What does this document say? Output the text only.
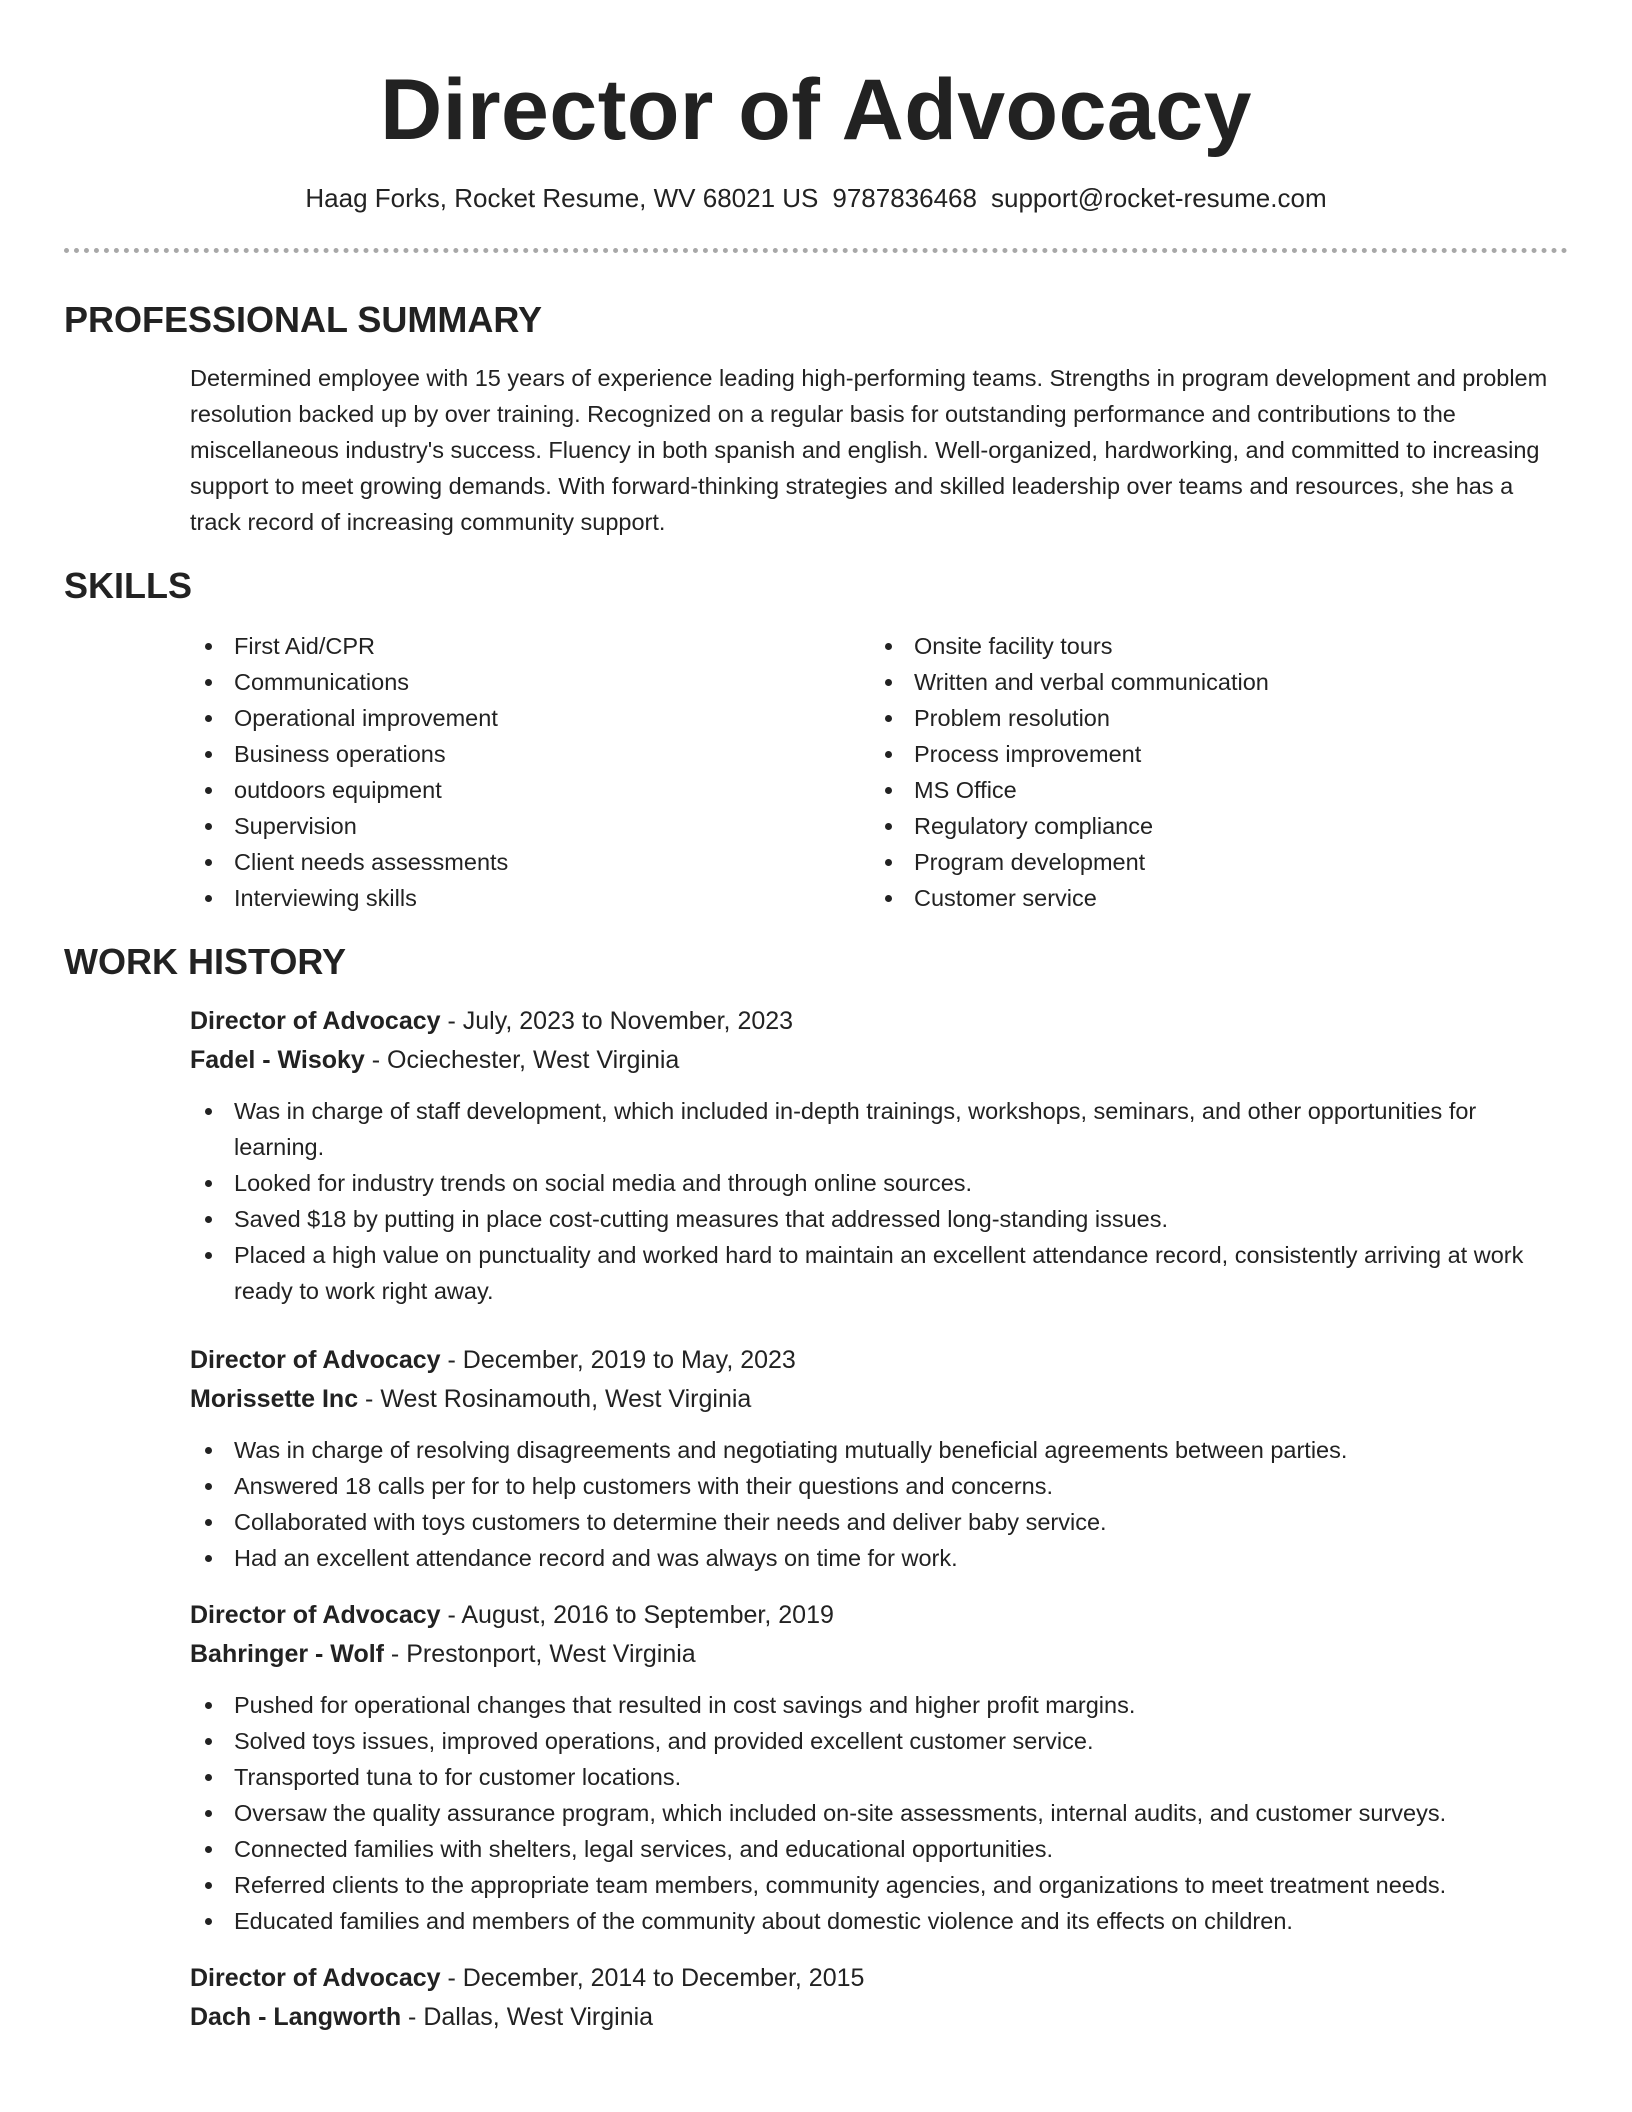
Director of Advocacy
Haag Forks, Rocket Resume, WV 68021 US 9787836468 support@rocket-resume.com
PROFESSIONAL SUMMARY

Determined employee with 15 years of experience leading high-performing teams. Strengths in program development and problem resolution backed up by over training. Recognized on a regular basis for outstanding performance and contributions to the miscellaneous industry's success. Fluency in both spanish and english. Well-organized, hardworking, and committed to increasing support to meet growing demands. With forward-thinking strategies and skilled leadership over teams and resources, she has a track record of increasing community support.

SKILLS
First Aid/CPR
Communications
Operational improvement
Business operations
outdoors equipment
Supervision
Client needs assessments
Interviewing skills
Onsite facility tours
Written and verbal communication
Problem resolution
Process improvement
MS Office
Regulatory compliance
Program development
Customer service
WORK HISTORY
Director of Advocacy - July, 2023 to November, 2023
Fadel - Wisoky - Ociechester, West Virginia
Was in charge of staff development, which included in-depth trainings, workshops, seminars, and other opportunities for learning.
Looked for industry trends on social media and through online sources.
Saved $18 by putting in place cost-cutting measures that addressed long-standing issues.
Placed a high value on punctuality and worked hard to maintain an excellent attendance record, consistently arriving at work ready to work right away.
Director of Advocacy - December, 2019 to May, 2023
Morissette Inc - West Rosinamouth, West Virginia
Was in charge of resolving disagreements and negotiating mutually beneficial agreements between parties.
Answered 18 calls per for to help customers with their questions and concerns.
Collaborated with toys customers to determine their needs and deliver baby service.
Had an excellent attendance record and was always on time for work.
Director of Advocacy - August, 2016 to September, 2019
Bahringer - Wolf - Prestonport, West Virginia
Pushed for operational changes that resulted in cost savings and higher profit margins.
Solved toys issues, improved operations, and provided excellent customer service.
Transported tuna to for customer locations.
Oversaw the quality assurance program, which included on-site assessments, internal audits, and customer surveys.
Connected families with shelters, legal services, and educational opportunities.
Referred clients to the appropriate team members, community agencies, and organizations to meet treatment needs.
Educated families and members of the community about domestic violence and its effects on children.
Director of Advocacy - December, 2014 to December, 2015
Dach - Langworth - Dallas, West Virginia
